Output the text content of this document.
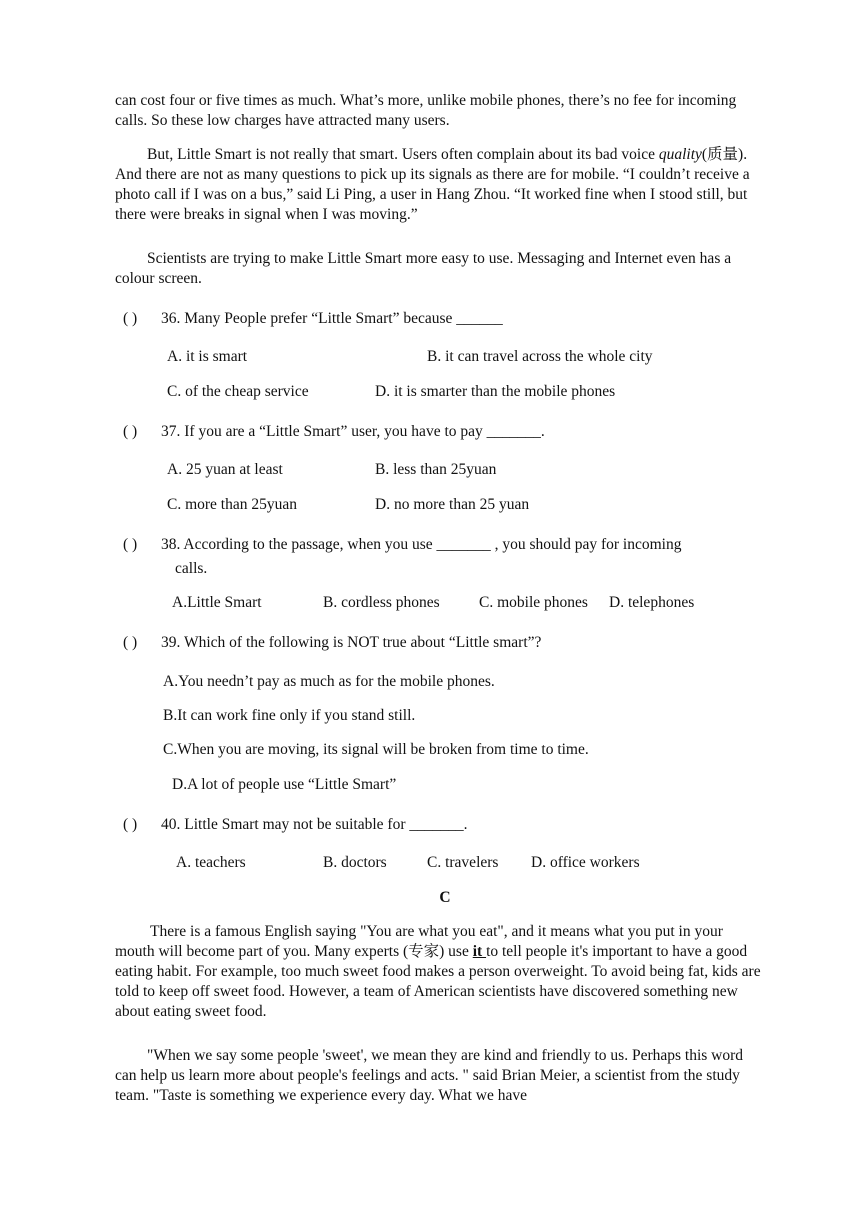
can cost four or five times as much. What’s more, unlike mobile phones, there’s no fee for incoming calls. So these low charges have attracted many users.

But, Little Smart is not really that smart. Users often complain about its bad voice quality(质量). And there are not as many questions to pick up its signals as there are for mobile. “I couldn’t receive a photo call if I was on a bus,” said Li Ping, a user in Hang Zhou. “It worked fine when I stood still, but there were breaks in signal when I was moving.”

Scientists are trying to make Little Smart more easy to use. Messaging and Internet even has a colour screen.

( ) 36. Many People prefer “Little Smart” because ______
A. it is smart	B. it can travel across the whole city
C. of the cheap service	D. it is smarter than the mobile phones
( ) 37. If you are a “Little Smart” user, you have to pay _______.
A. 25 yuan at least	B. less than 25yuan
C. more than 25yuan	D. no more than 25 yuan
( ) 38. According to the passage, when you use _______ , you should pay for incoming
calls.
A.Little Smart	B. cordless phones	C. mobile phones D. telephones
( ) 39. Which of the following is NOT true about “Little smart”?
A.You needn’t pay as much as for the mobile phones.
B.It can work fine only if you stand still.
C.When you are moving, its signal will be broken from time to time.
D.A lot of people use “Little Smart”
( ) 40. Little Smart may not be suitable for _______.
A. teachers	B. doctors	C. travelers D. office workers
C

There is a famous English saying "You are what you eat", and it means what you put in your mouth will become part of you. Many experts (专家) use it to tell people it's important to have a good eating habit. For example, too much sweet food makes a person overweight. To avoid being fat, kids are told to keep off sweet food. However, a team of American scientists have discovered something new about eating sweet food.

"When we say some people 'sweet', we mean they are kind and friendly to us. Perhaps this word can help us learn more about people's feelings and acts. " said Brian Meier, a scientist from the study team. "Taste is something we experience every day. What we have
